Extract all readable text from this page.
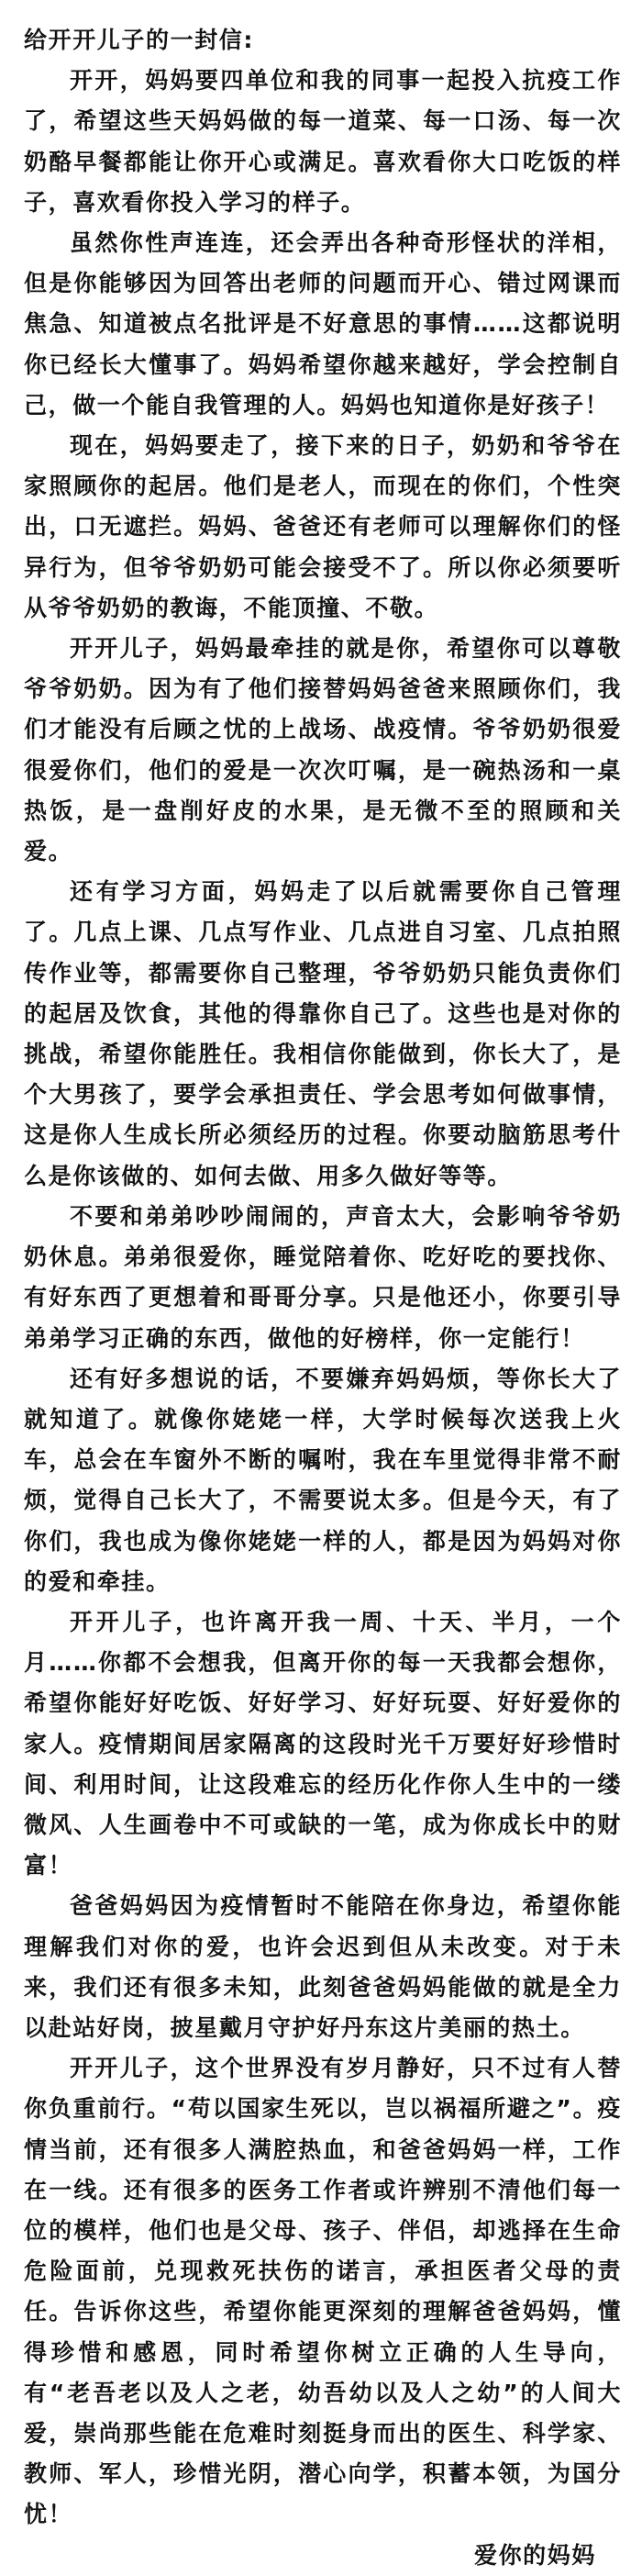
给开开儿子的一封信:

开开，妈妈要四单位和我的同事一起投入抗疫工作了，希望这些天妈妈做的每一道菜、每一口汤、每一次奶酪早餐都能让你开心或满足。喜欢看你大口吃饭的样子，喜欢看你投入学习的样子。

虽然你性声连连，还会弄出各种奇形怪状的洋相，但是你能够因为回答出老师的问题而开心、错过网课而焦急、知道被点名批评是不好意思的事情……这都说明你已经长大懂事了。妈妈希望你越来越好，学会控制自己，做一个能自我管理的人。妈妈也知道你是好孩子！

现在，妈妈要走了，接下来的日子，奶奶和爷爷在家照顾你的起居。他们是老人，而现在的你们，个性突出，口无遮拦。妈妈、爸爸还有老师可以理解你们的怪异行为，但爷爷奶奶可能会接受不了。所以你必须要听从爷爷奶奶的教诲，不能顶撞、不敬。

开开儿子，妈妈最牵挂的就是你，希望你可以尊敬爷爷奶奶。因为有了他们接替妈妈爸爸来照顾你们，我们才能没有后顾之忧的上战场、战疫情。爷爷奶奶很爱很爱你们，他们的爱是一次次叮嘱，是一碗热汤和一桌热饭，是一盘削好皮的水果，是无微不至的照顾和关爱。

还有学习方面，妈妈走了以后就需要你自己管理了。几点上课、几点写作业、几点进自习室、几点拍照传作业等，都需要你自己整理，爷爷奶奶只能负责你们的起居及饮食，其他的得靠你自己了。这些也是对你的挑战，希望你能胜任。我相信你能做到，你长大了，是个大男孩了，要学会承担责任、学会思考如何做事情，这是你人生成长所必须经历的过程。你要动脑筋思考什么是你该做的、如何去做、用多久做好等等。

不要和弟弟吵吵闹闹的，声音太大，会影响爷爷奶奶休息。弟弟很爱你，睡觉陪着你、吃好吃的要找你、有好东西了更想着和哥哥分享。只是他还小，你要引导弟弟学习正确的东西，做他的好榜样，你一定能行！

还有好多想说的话，不要嫌弃妈妈烦，等你长大了就知道了。就像你姥姥一样，大学时候每次送我上火车，总会在车窗外不断的嘱咐，我在车里觉得非常不耐烦，觉得自己长大了，不需要说太多。但是今天，有了你们，我也成为像你姥姥一样的人，都是因为妈妈对你的爱和牵挂。

开开儿子，也许离开我一周、十天、半月，一个月……你都不会想我，但离开你的每一天我都会想你，希望你能好好吃饭、好好学习、好好玩耍、好好爱你的家人。疫情期间居家隔离的这段时光千万要好好珍惜时间、利用时间，让这段难忘的经历化作你人生中的一缕微风、人生画卷中不可或缺的一笔，成为你成长中的财富！

爸爸妈妈因为疫情暂时不能陪在你身边，希望你能理解我们对你的爱，也许会迟到但从未改变。对于未来，我们还有很多未知，此刻爸爸妈妈能做的就是全力以赴站好岗，披星戴月守护好丹东这片美丽的热土。

开开儿子，这个世界没有岁月静好，只不过有人替你负重前行。“苟以国家生死以，岂以祸福所避之”。疫情当前，还有很多人满腔热血，和爸爸妈妈一样，工作在一线。还有很多的医务工作者或许辨别不清他们每一位的模样，他们也是父母、孩子、伴侣，却逃择在生命危险面前，兑现救死扶伤的诺言，承担医者父母的责任。告诉你这些，希望你能更深刻的理解爸爸妈妈，懂得珍惜和感恩，同时希望你树立正确的人生导向，有“老吾老以及人之老，幼吾幼以及人之幼”的人间大爱，崇尚那些能在危难时刻挺身而出的医生、科学家、教师、军人，珍惜光阴，潜心向学，积蓄本领，为国分忧！

爱你的妈妈
